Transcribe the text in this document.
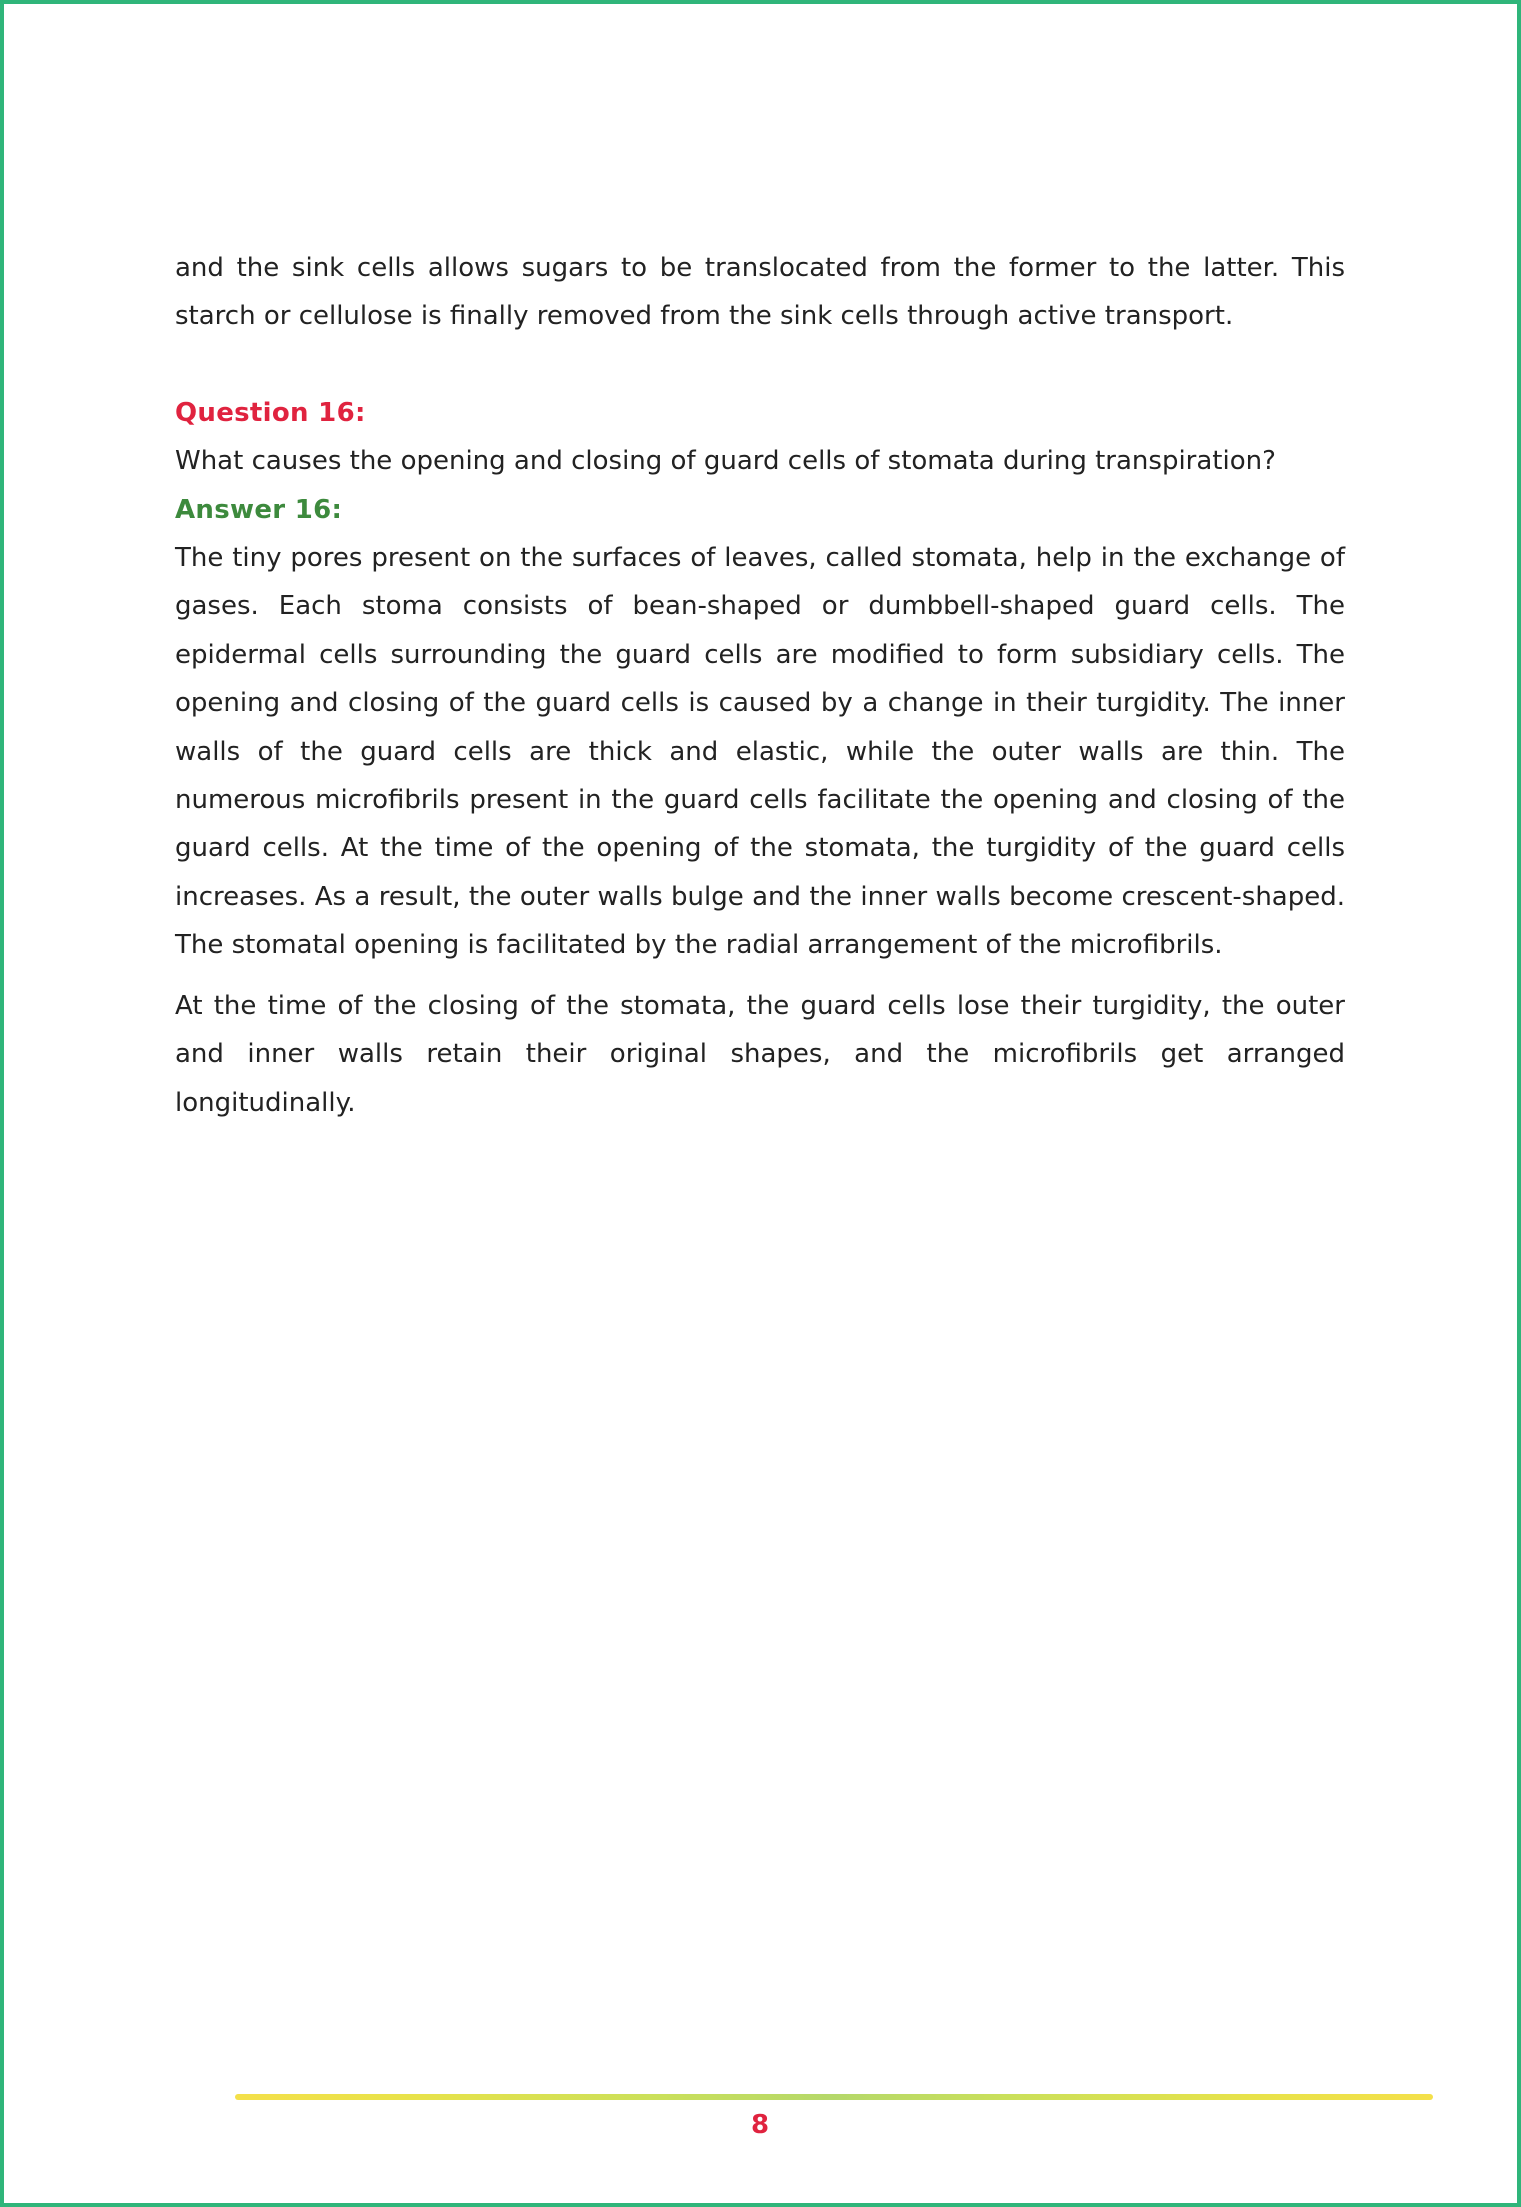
and the sink cells allows sugars to be translocated from the former to the latter. This starch or cellulose is finally removed from the sink cells through active transport.

Question 16:

What causes the opening and closing of guard cells of stomata during transpiration?

Answer 16:

The tiny pores present on the surfaces of leaves, called stomata, help in the exchange of gases. Each stoma consists of bean-shaped or dumbbell-shaped guard cells. The epidermal cells surrounding the guard cells are modified to form subsidiary cells. The opening and closing of the guard cells is caused by a change in their turgidity. The inner walls of the guard cells are thick and elastic, while the outer walls are thin. The numerous microfibrils present in the guard cells facilitate the opening and closing of the guard cells. At the time of the opening of the stomata, the turgidity of the guard cells increases. As a result, the outer walls bulge and the inner walls become crescent-shaped. The stomatal opening is facilitated by the radial arrangement of the microfibrils.

At the time of the closing of the stomata, the guard cells lose their turgidity, the outer and inner walls retain their original shapes, and the microfibrils get arranged longitudinally.

8
